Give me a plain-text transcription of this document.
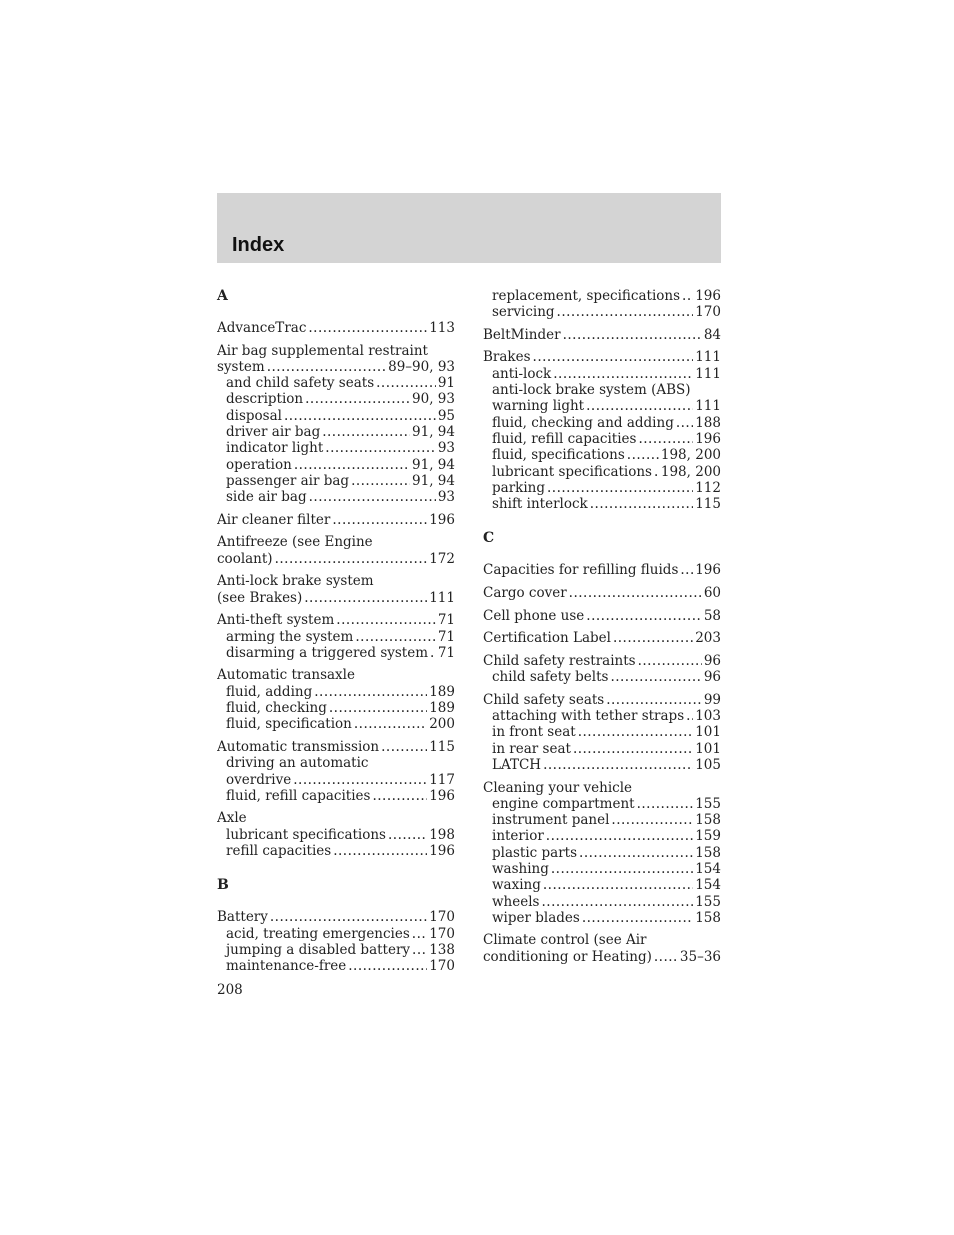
Index
A
AdvanceTrac .....	113
Air bag supplemental restraint
system .....	89–90, 93
and child safety seats .....	91
description .....	90, 93
disposal .....	95
driver air bag .....	91, 94
indicator light .....	93
operation .....	91, 94
passenger air bag .....	91, 94
side air bag .....	93
Air cleaner filter .....	196
Antifreeze (see Engine
coolant) .....	172
Anti-lock brake system
(see Brakes) .....	111
Anti-theft system .....	71
arming the system .....	71
disarming a triggered system ..... 71
Automatic transaxle
fluid, adding .....	189
fluid, checking .....	189
fluid, specification .....	200
Automatic transmission .....	115
driving an automatic
overdrive .....	117
fluid, refill capacities .....	196
Axle
lubricant specifications .....	198
refill capacities .....	196
B
Battery .....	170
acid, treating emergencies ..... 170
jumping a disabled battery ..... 138
maintenance-free .....	170
replacement, specifications ..... 196
servicing .....	170
BeltMinder .....	84
Brakes .....	111
anti-lock .....	111
anti-lock brake system (ABS)
warning light .....	111
fluid, checking and adding ..... 188
fluid, refill capacities .....	196
fluid, specifications .....	198, 200
lubricant specifications ..... 198, 200
parking .....	112
shift interlock .....	115
C
Capacities for refilling fluids ..... 196
Cargo cover .....	60
Cell phone use .....	58
Certification Label .....	203
Child safety restraints .....	96
child safety belts .....	96
Child safety seats .....	99
attaching with tether straps ..... 103
in front seat .....	101
in rear seat .....	101
LATCH .....	105
Cleaning your vehicle
engine compartment .....	155
instrument panel .....	158
interior .....	159
plastic parts .....	158
washing .....	154
waxing .....	154
wheels .....	155
wiper blades .....	158
Climate control (see Air
conditioning or Heating) ..... 35–36
208
